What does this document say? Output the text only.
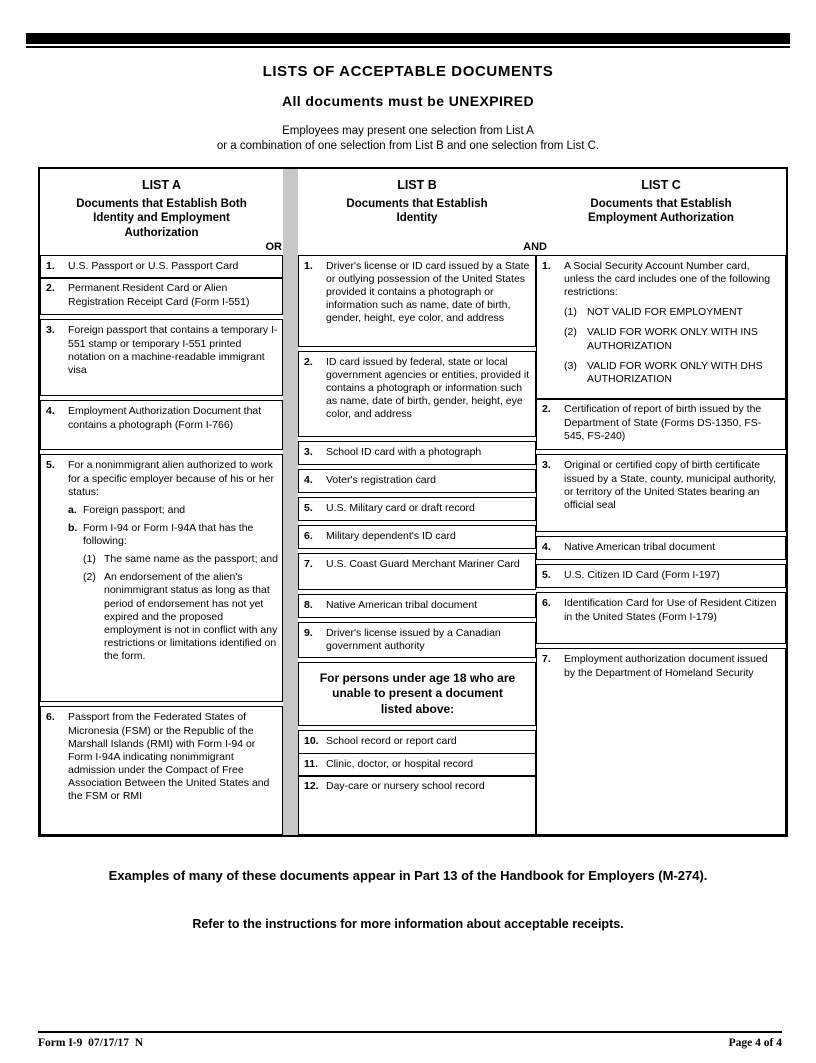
LISTS OF ACCEPTABLE DOCUMENTS
All documents must be UNEXPIRED
Employees may present one selection from List A
or a combination of one selection from List B and one selection from List C.
LIST A
Documents that Establish Both Identity and Employment Authorization
OR
1.	U.S. Passport or U.S. Passport Card
2.	Permanent Resident Card or Alien Registration Receipt Card (Form I-551)
3.	Foreign passport that contains a temporary I-551 stamp or temporary I-551 printed notation on a machine-readable immigrant visa
4.	Employment Authorization Document that contains a photograph (Form I-766)
5.	For a nonimmigrant alien authorized to work for a specific employer because of his or her status:
a. Foreign passport; and
b. Form I-94 or Form I-94A that has the following:
(1) The same name as the passport; and
(2) An endorsement of the alien's nonimmigrant status as long as that period of endorsement has not yet expired and the proposed employment is not in conflict with any restrictions or limitations identified on the form.
6.	Passport from the Federated States of Micronesia (FSM) or the Republic of the Marshall Islands (RMI) with Form I-94 or Form I-94A indicating nonimmigrant admission under the Compact of Free Association Between the United States and the FSM or RMI
LIST B
Documents that Establish Identity
AND
1.	Driver's license or ID card issued by a State or outlying possession of the United States provided it contains a photograph or information such as name, date of birth, gender, height, eye color, and address
2.	ID card issued by federal, state or local government agencies or entities, provided it contains a photograph or information such as name, date of birth, gender, height, eye color, and address
3.	School ID card with a photograph
4.	Voter's registration card
5.	U.S. Military card or draft record
6.	Military dependent's ID card
7.	U.S. Coast Guard Merchant Mariner Card
8.	Native American tribal document
9.	Driver's license issued by a Canadian government authority
For persons under age 18 who are unable to present a document listed above:
10. School record or report card
11. Clinic, doctor, or hospital record
12. Day-care or nursery school record
LIST C
Documents that Establish Employment Authorization
1.	A Social Security Account Number card, unless the card includes one of the following restrictions:
(1) NOT VALID FOR EMPLOYMENT
(2) VALID FOR WORK ONLY WITH INS AUTHORIZATION
(3) VALID FOR WORK ONLY WITH DHS AUTHORIZATION
2.	Certification of report of birth issued by the Department of State (Forms DS-1350, FS-545, FS-240)
3.	Original or certified copy of birth certificate issued by a State, county, municipal authority, or territory of the United States bearing an official seal
4.	Native American tribal document
5.	U.S. Citizen ID Card (Form I-197)
6.	Identification Card for Use of Resident Citizen in the United States (Form I-179)
7.	Employment authorization document issued by the Department of Homeland Security
Examples of many of these documents appear in Part 13 of the Handbook for Employers (M-274).
Refer to the instructions for more information about acceptable receipts.
Form I-9  07/17/17  N	Page 4 of 4
